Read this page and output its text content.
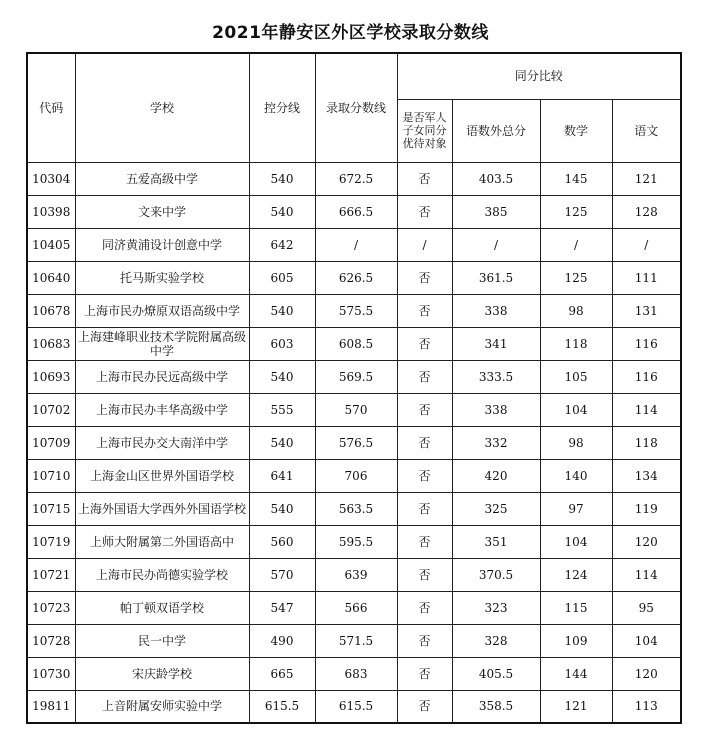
2021年静安区外区学校录取分数线
代码	学校	控分线	录取分数线	同分比较			
				是否军人子女同分优待对象	语数外总分	数学	语文
10304	五爱高级中学	540	672.5	否	403.5	145	121
10398	文来中学	540	666.5	否	385	125	128
10405	同济黄浦设计创意中学	642	/	/	/	/	/
10640	托马斯实验学校	605	626.5	否	361.5	125	111
10678	上海市民办燎原双语高级中学	540	575.5	否	338	98	131
10683	上海建峰职业技术学院附属高级中学	603	608.5	否	341	118	116
10693	上海市民办民远高级中学	540	569.5	否	333.5	105	116
10702	上海市民办丰华高级中学	555	570	否	338	104	114
10709	上海市民办交大南洋中学	540	576.5	否	332	98	118
10710	上海金山区世界外国语学校	641	706	否	420	140	134
10715	上海外国语大学西外外国语学校	540	563.5	否	325	97	119
10719	上师大附属第二外国语高中	560	595.5	否	351	104	120
10721	上海市民办尚德实验学校	570	639	否	370.5	124	114
10723	帕丁顿双语学校	547	566	否	323	115	95
10728	民一中学	490	571.5	否	328	109	104
10730	宋庆龄学校	665	683	否	405.5	144	120
19811	上音附属安师实验中学	615.5	615.5	否	358.5	121	113
